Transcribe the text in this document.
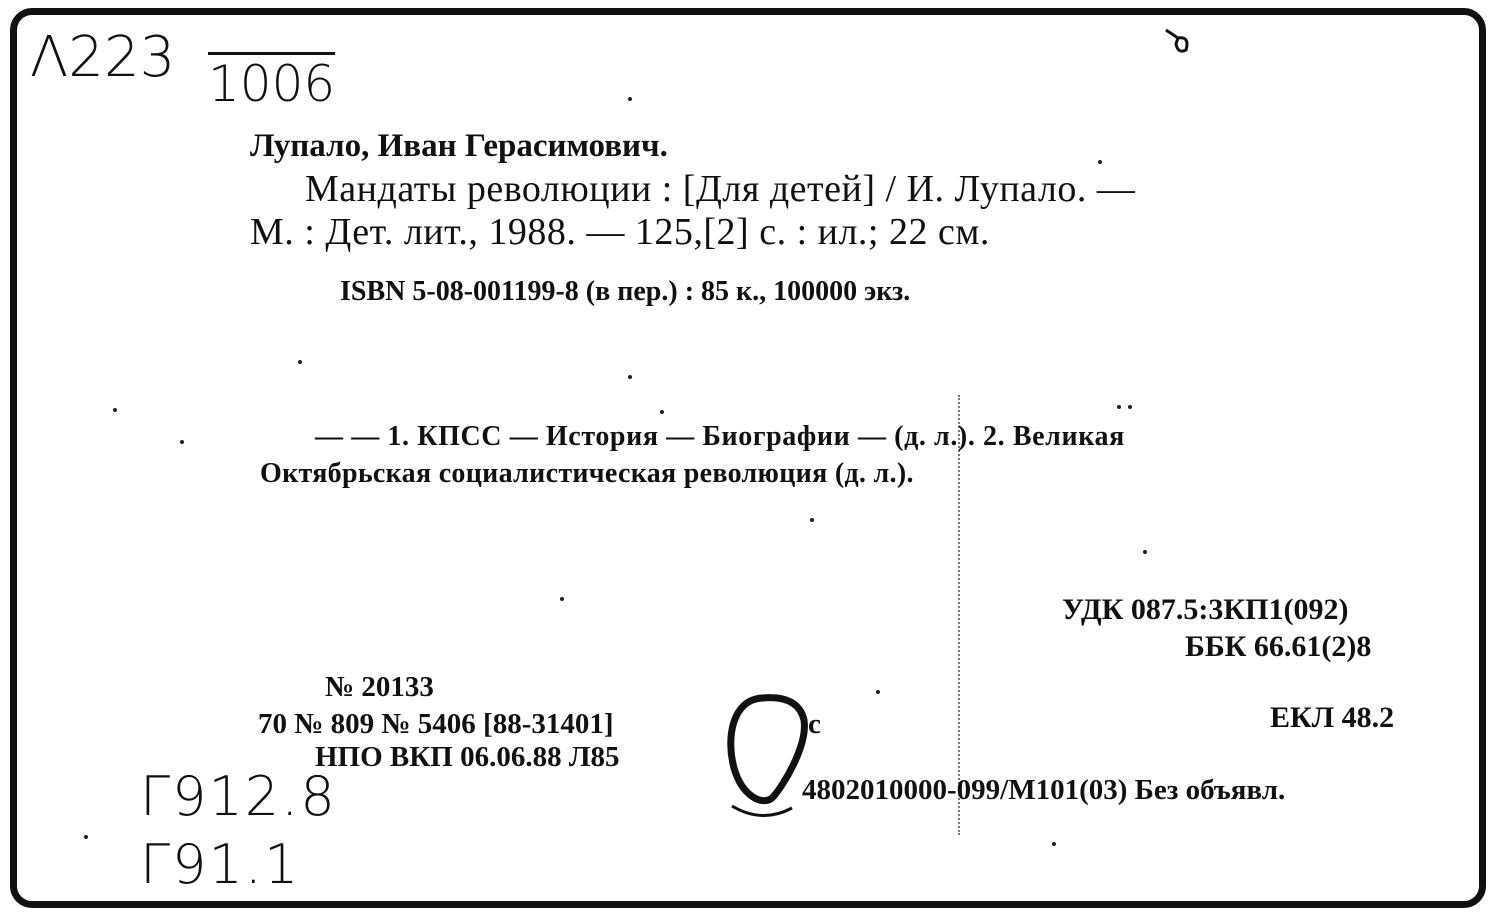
Λ223 1006
Г912.8
Г91.1
Лупало, Иван Герасимович.
Мандаты революции : [Для детей] / И. Лупало. —
М. : Дет. лит., 1988. — 125,[2] с. : ил.; 22 см.
ISBN 5-08-001199-8 (в пер.) : 85 к., 100000 экз.
— — 1. КПСС — История — Биографии — (д. л.). 2. Великая
Октябрьская социалистическая революция (д. л.).
УДК 087.5:3КП1(092)
ББК 66.61(2)8
ЕКЛ 48.2
№ 20133
70 № 809 № 5406 [88-31401]	с
НПО ВКП 06.06.88 Л85
4802010000-099/М101(03) Без объявл.
